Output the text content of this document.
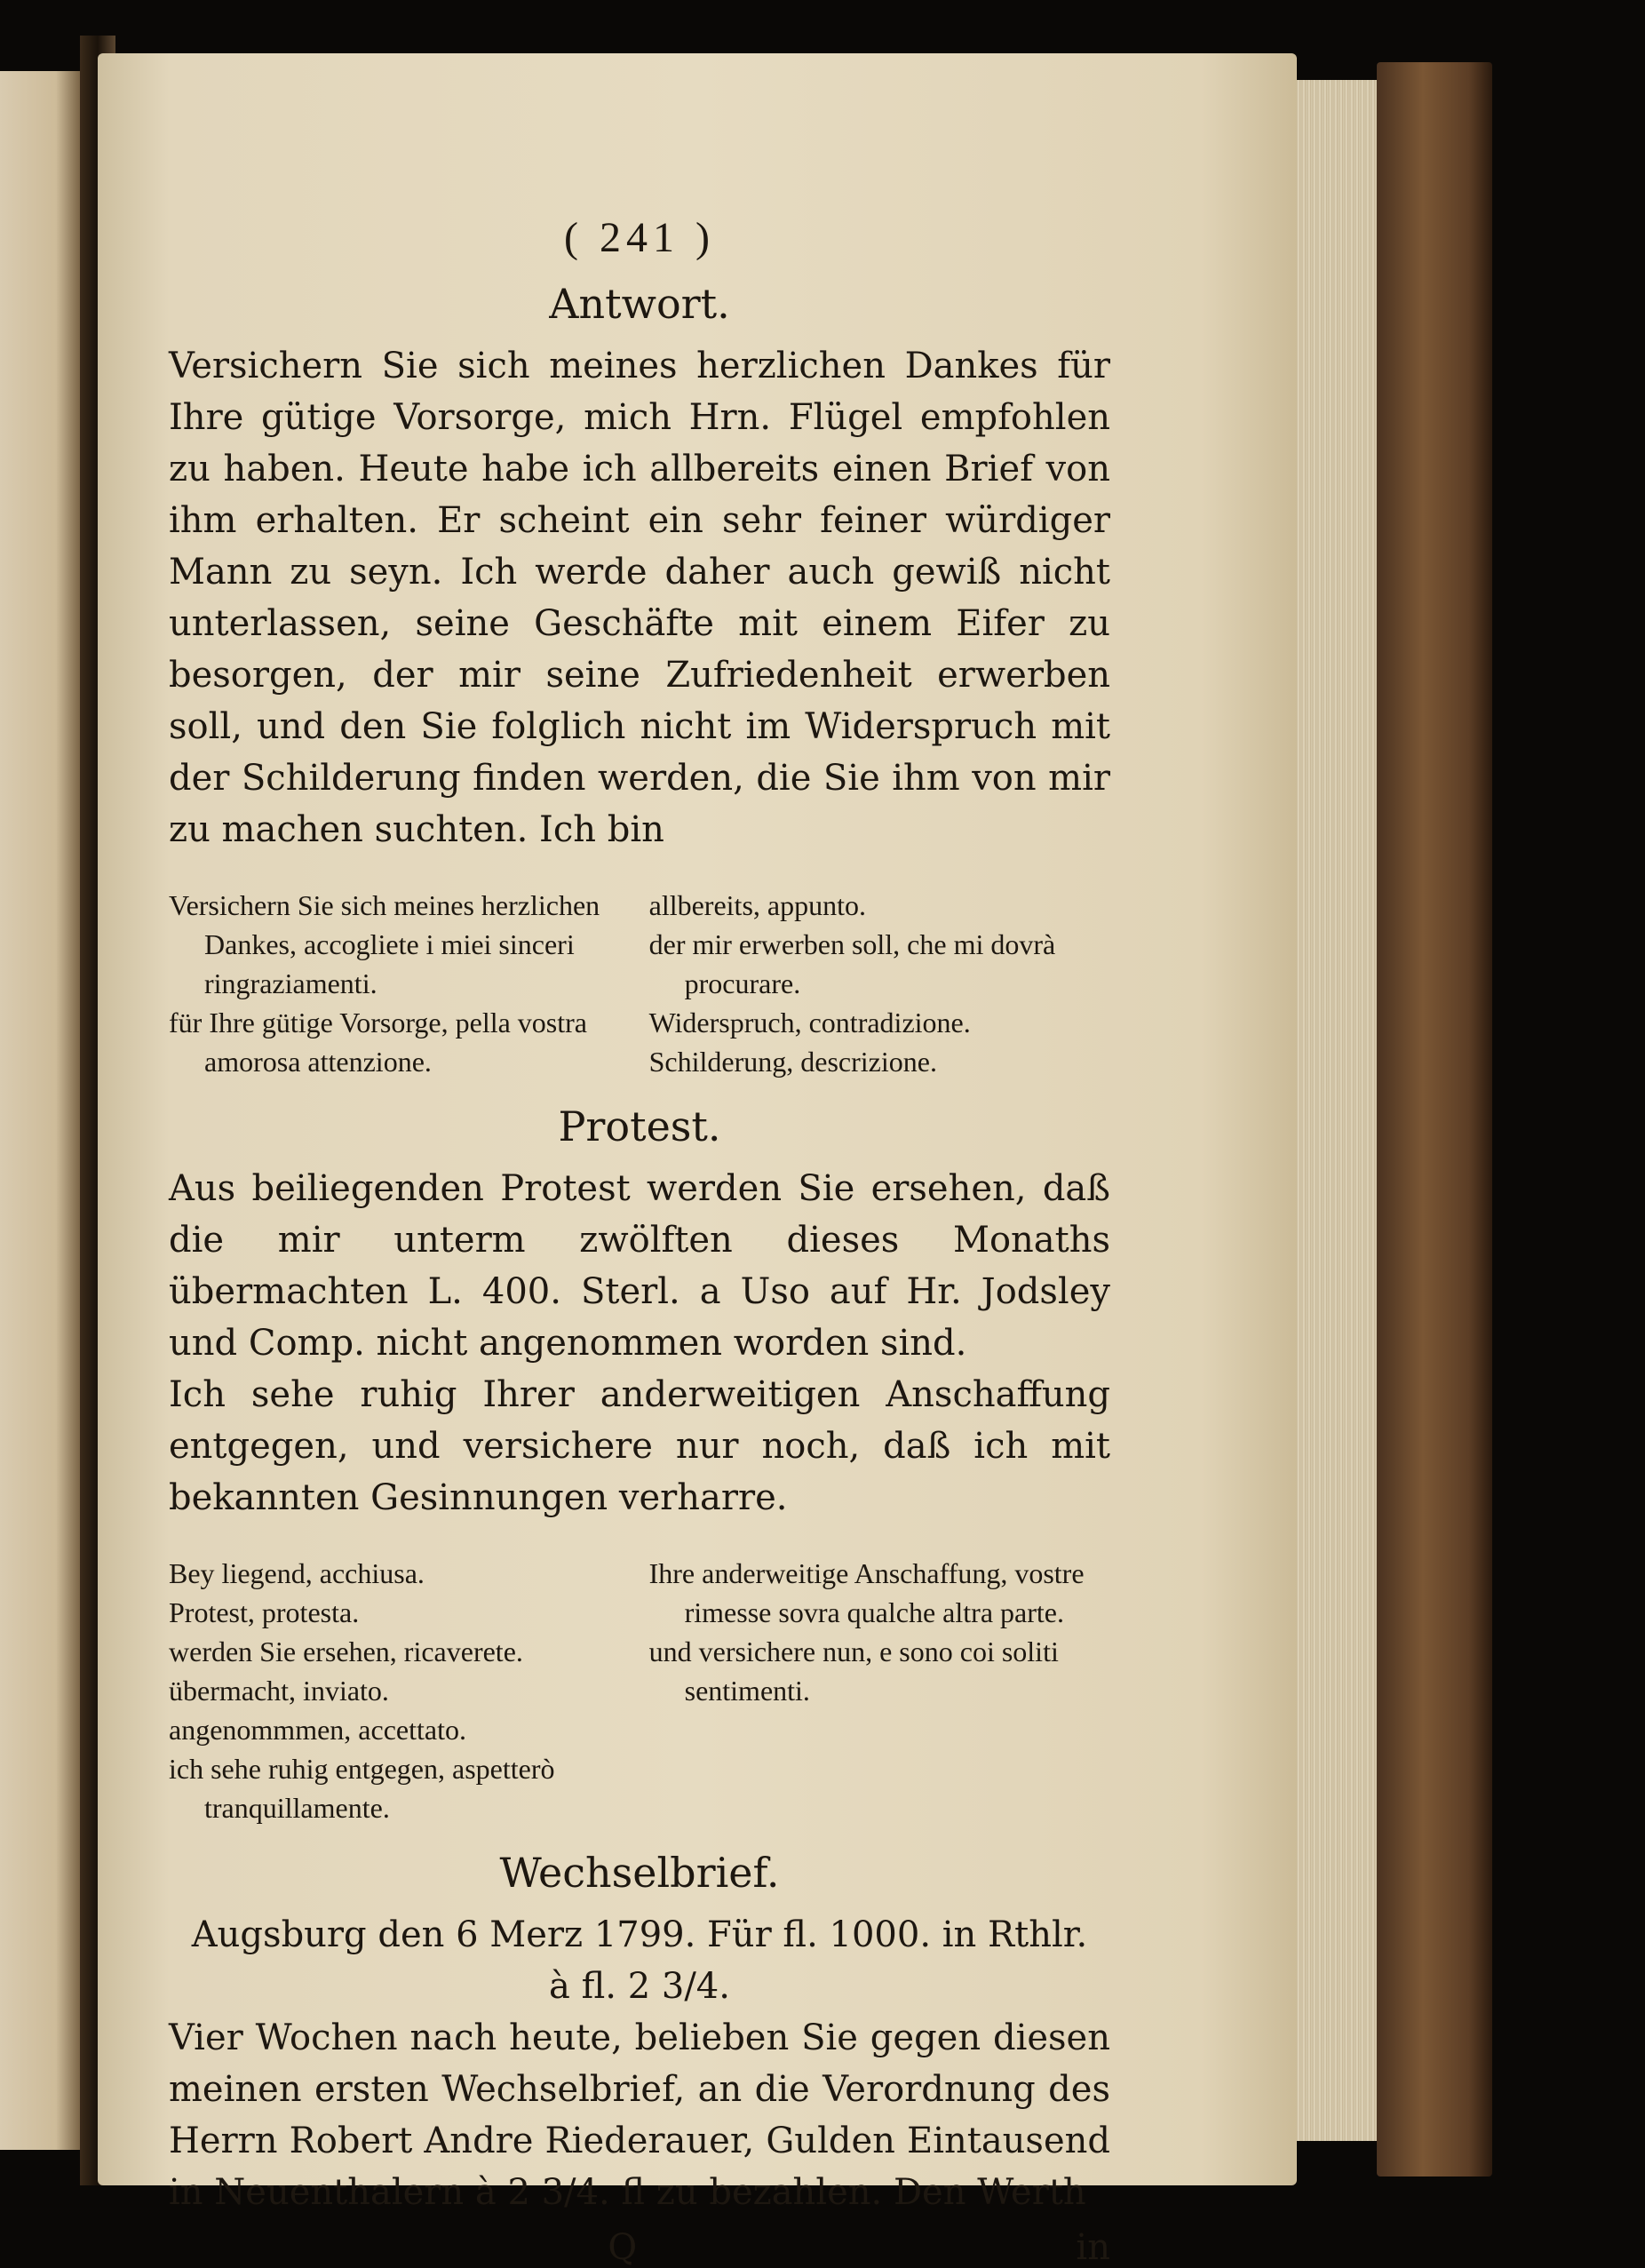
( 241 )
Antwort.

Versichern Sie sich meines herzlichen Dankes für Ihre gütige Vorsorge, mich Hrn. Flügel empfohlen zu haben. Heute habe ich allbereits einen Brief von ihm erhalten. Er scheint ein sehr feiner würdiger Mann zu seyn. Ich werde daher auch gewiß nicht unterlassen, seine Geschäfte mit einem Eifer zu besorgen, der mir seine Zufriedenheit erwerben soll, und den Sie folglich nicht im Widerspruch mit der Schilderung finden werden, die Sie ihm von mir zu machen suchten. Ich bin

Versichern Sie sich meines herzlichen Dankes, accogliete i miei sinceri ringraziamenti.

für Ihre gütige Vorsorge, pella vostra amorosa attenzione.

allbereits, appunto.

der mir erwerben soll, che mi dovrà procurare.

Widerspruch, contradizione.

Schilderung, descrizione.

Protest.

Aus beiliegenden Protest werden Sie ersehen, daß die mir unterm zwölften dieses Monaths übermachten L. 400. Sterl. a Uso auf Hr. Jodsley und Comp. nicht angenommen worden sind.

Ich sehe ruhig Ihrer anderweitigen Anschaffung entgegen, und versichere nur noch, daß ich mit bekannten Gesinnungen verharre.

Bey liegend, acchiusa.

Protest, protesta.

werden Sie ersehen, ricaverete.

übermacht, inviato.

angenommmen, accettato.

ich sehe ruhig entgegen, aspetterò tranquillamente.

Ihre anderweitige Anschaffung, vostre rimesse sovra qualche altra parte.

und versichere nun, e sono coi soliti sentimenti.

Wechselbrief.
Augsburg den 6 Merz 1799. Für fl. 1000. in Rthlr.
à fl. 2 3/4.

Vier Wochen nach heute, belieben Sie gegen diesen meinen ersten Wechselbrief, an die Verordnung des Herrn Robert Andre Riederauer, Gulden Eintausend in Neuenthalern à 2 3/4. fl zu bezahlen. Den Werth

Q	in
